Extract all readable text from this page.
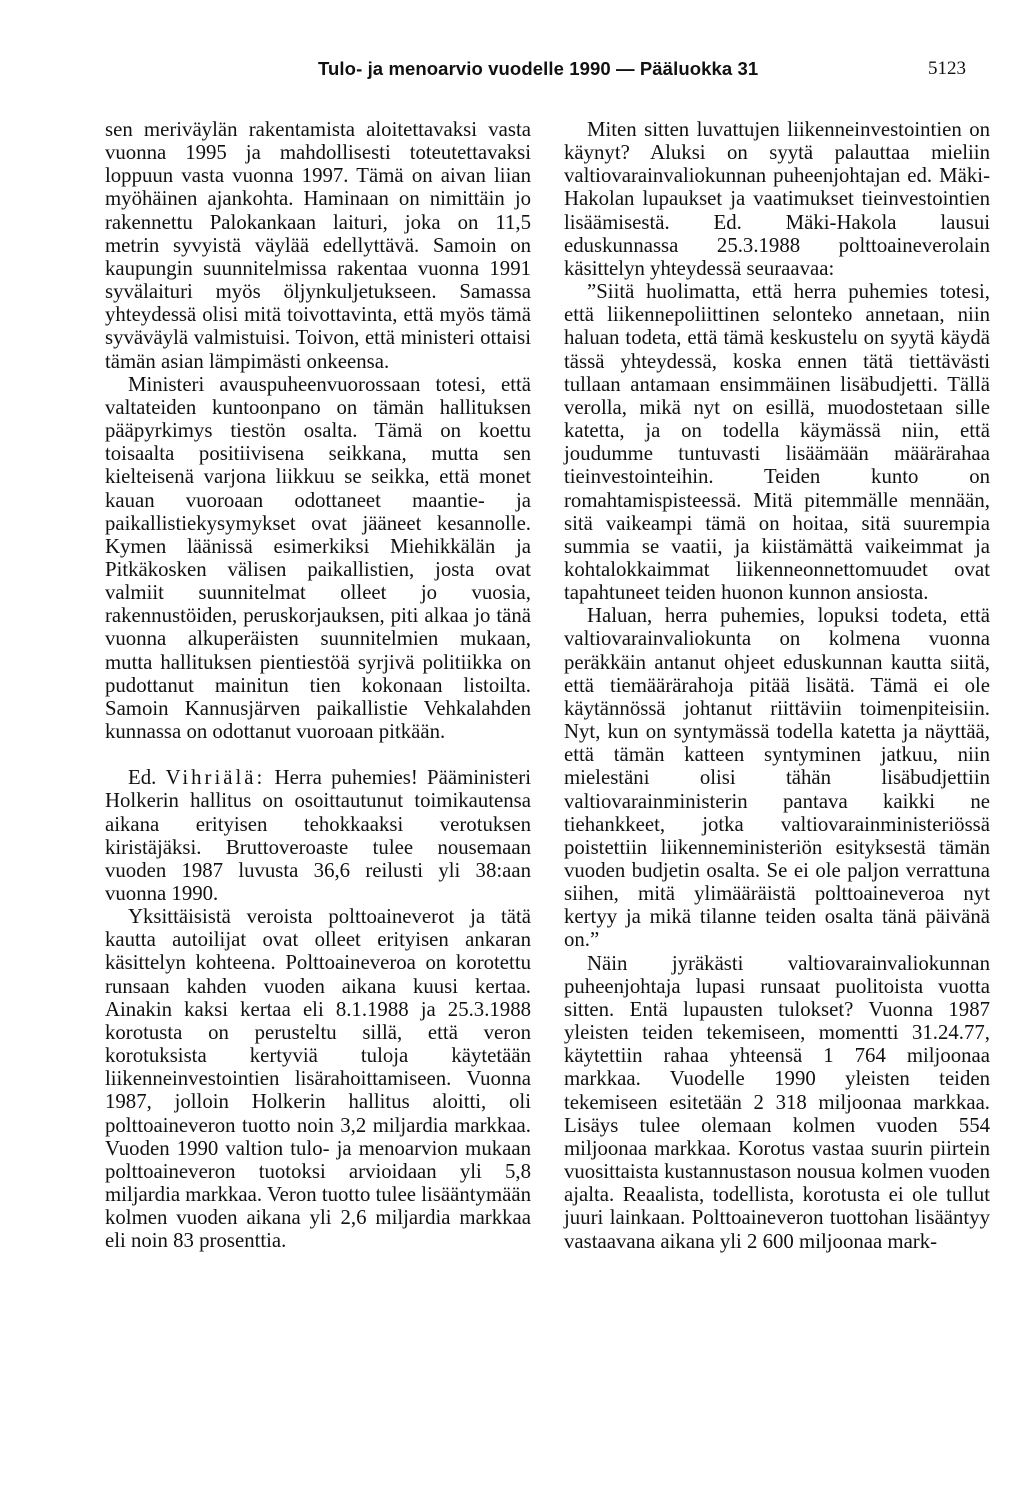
Tulo- ja menoarvio vuodelle 1990 — Pääluokka 31	5123

sen meriväylän rakentamista aloitettavaksi vasta vuonna 1995 ja mahdollisesti toteutettavaksi loppuun vasta vuonna 1997. Tämä on aivan liian myöhäinen ajankohta. Haminaan on nimittäin jo rakennettu Palokankaan laituri, joka on 11,5 metrin syvyistä väylää edellyttävä. Samoin on kaupungin suunnitelmissa rakentaa vuonna 1991 syvälaituri myös öljynkuljetukseen. Samassa yhteydessä olisi mitä toivottavinta, että myös tämä syväväylä valmistuisi. Toivon, että ministeri ottaisi tämän asian lämpimästi onkeensa.

Ministeri avauspuheenvuorossaan totesi, että valtateiden kuntoonpano on tämän hallituksen pääpyrkimys tiestön osalta. Tämä on koettu toisaalta positiivisena seikkana, mutta sen kielteisenä varjona liikkuu se seikka, että monet kauan vuoroaan odottaneet maantie- ja paikallistiekysymykset ovat jääneet kesannolle. Kymen läänissä esimerkiksi Miehikkälän ja Pitkäkosken välisen paikallistien, josta ovat valmiit suunnitelmat olleet jo vuosia, rakennustöiden, peruskorjauksen, piti alkaa jo tänä vuonna alkuperäisten suunnitelmien mukaan, mutta hallituksen pientiestöä syrjivä politiikka on pudottanut mainitun tien kokonaan listoilta. Samoin Kannusjärven paikallistie Vehkalahden kunnassa on odottanut vuoroaan pitkään.

Ed. Vihriälä: Herra puhemies! Pääministeri Holkerin hallitus on osoittautunut toimikautensa aikana erityisen tehokkaaksi verotuksen kiristäjäksi. Bruttoveroaste tulee nousemaan vuoden 1987 luvusta 36,6 reilusti yli 38:aan vuonna 1990.

Yksittäisistä veroista polttoaineverot ja tätä kautta autoilijat ovat olleet erityisen ankaran käsittelyn kohteena. Polttoaineveroa on korotettu runsaan kahden vuoden aikana kuusi kertaa. Ainakin kaksi kertaa eli 8.1.1988 ja 25.3.1988 korotusta on perusteltu sillä, että veron korotuksista kertyviä tuloja käytetään liikenneinvestointien lisärahoittamiseen. Vuonna 1987, jolloin Holkerin hallitus aloitti, oli polttoaineveron tuotto noin 3,2 miljardia markkaa. Vuoden 1990 valtion tulo- ja menoarvion mukaan polttoaineveron tuotoksi arvioidaan yli 5,8 miljardia markkaa. Veron tuotto tulee lisääntymään kolmen vuoden aikana yli 2,6 miljardia markkaa eli noin 83 prosenttia.

Miten sitten luvattujen liikenneinvestointien on käynyt? Aluksi on syytä palauttaa mieliin valtiovarainvaliokunnan puheenjohtajan ed. Mäki-Hakolan lupaukset ja vaatimukset tieinvestointien lisäämisestä. Ed. Mäki-Hakola lausui eduskunnassa 25.3.1988 polttoaineverolain käsittelyn yhteydessä seuraavaa:

”Siitä huolimatta, että herra puhemies totesi, että liikennepoliittinen selonteko annetaan, niin haluan todeta, että tämä keskustelu on syytä käydä tässä yhteydessä, koska ennen tätä tiettävästi tullaan antamaan ensimmäinen lisäbudjetti. Tällä verolla, mikä nyt on esillä, muodostetaan sille katetta, ja on todella käymässä niin, että joudumme tuntuvasti lisäämään määrärahaa tieinvestointeihin. Teiden kunto on romahtamispisteessä. Mitä pitemmälle mennään, sitä vaikeampi tämä on hoitaa, sitä suurempia summia se vaatii, ja kiistämättä vaikeimmat ja kohtalokkaimmat liikenneonnettomuudet ovat tapahtuneet teiden huonon kunnon ansiosta.

Haluan, herra puhemies, lopuksi todeta, että valtiovarainvaliokunta on kolmena vuonna peräkkäin antanut ohjeet eduskunnan kautta siitä, että tiemäärärahoja pitää lisätä. Tämä ei ole käytännössä johtanut riittäviin toimenpiteisiin. Nyt, kun on syntymässä todella katetta ja näyttää, että tämän katteen syntyminen jatkuu, niin mielestäni olisi tähän lisäbudjettiin valtiovarainministerin pantava kaikki ne tiehankkeet, jotka valtiovarainministeriössä poistettiin liikenneministeriön esityksestä tämän vuoden budjetin osalta. Se ei ole paljon verrattuna siihen, mitä ylimääräistä polttoaineveroa nyt kertyy ja mikä tilanne teiden osalta tänä päivänä on.”

Näin jyräkästi valtiovarainvaliokunnan puheenjohtaja lupasi runsaat puolitoista vuotta sitten. Entä lupausten tulokset? Vuonna 1987 yleisten teiden tekemiseen, momentti 31.24.77, käytettiin rahaa yhteensä 1 764 miljoonaa markkaa. Vuodelle 1990 yleisten teiden tekemiseen esitetään 2 318 miljoonaa markkaa. Lisäys tulee olemaan kolmen vuoden 554 miljoonaa markkaa. Korotus vastaa suurin piirtein vuosittaista kustannustason nousua kolmen vuoden ajalta. Reaalista, todellista, korotusta ei ole tullut juuri lainkaan. Polttoaineveron tuottohan lisääntyy vastaavana aikana yli 2 600 miljoonaa mark-
